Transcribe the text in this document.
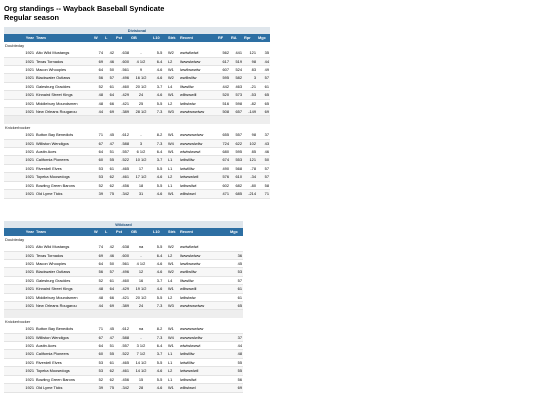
Org standings -- Wayback Baseball Syndicate
Regular season
Divisional												
Year	Team	W	L	Pct	GB	L10	Strk	Recent	RF	RA	Rpr	Mgc
Doubleday												
1921	Alto Wild Mustangs	74	42	.638	-	5-5	W2	wwlwllwlwl	562	441	121	35
1921	Texas Tornados	69	46	.600	4 1/2	6-4	L2	llwwwlwlww	617	519	98	44
1921	Macon Whoopies	64	50	.561	9	4-6	W1	lwwllwwwlw	607	524	83	49
1921	Blackwater Outlaws	56	57	.496	16 1/2	4-6	W2	wwlllwlllw	595	582	3	57
1921	Galesburg Grackles	52	61	.460	20 1/2	3-7	L4	lllwwlllw	442	463	-21	61
1921	Kinnaird Street Kings	48	64	.429	24	4-6	W1	wlllwwwlll	520	573	-53	65
1921	Middlebury Moundsmen	48	66	.421	25	5-5	L2	lwllwlwlw	516	598	-82	65
1921	New Orleans Rougarou	44	69	.389	28 1/2	7-3	W3	wwwlwwwlww	508	657	-149	69

Knickerbocker												
1921	Button Bay Benedicts	71	45	.612	-	8-2	W1	wwwwwwlww	655	557	98	37
1921	Williston Wendigos	67	47	.588	3	7-3	W4	wwwwwlwllw	724	622	102	43
1921	Austin Aces	64	51	.557	6 1/2	6-4	W1	wlwlwlwwwl	680	595	85	46
1921	California Pioneers	60	55	.522	10 1/2	3-7	L1	lwllwllllw	674	553	121	50
1921	Riverdell Elves	53	61	.465	17	5-5	L1	lwlwlllllw	490	568	-78	57
1921	Topeka Moosedogs	53	62	.461	17 1/2	4-6	L2	lwlwwwlwll	576	610	-34	57
1921	Bowling Green Barons	52	62	.456	18	5-5	L1	lwllwwllwl	602	682	-80	58
1921	Old Lyme Ticks	39	75	.342	31	4-6	W1	wlllwlwwl	471	685	-214	71
Wildcard									
Year	Team	W	L	Pct	GB	L10	Strk	Recent	Mgc
Doubleday									
1921	Alto Wild Mustangs	74	42	.638	na	5-5	W2	wwlwllwlwl	
1921	Texas Tornados	69	46	.600	-	6-4	L2	llwwwlwlww	36
1921	Macon Whoopies	64	50	.561	4 1/2	4-6	W1	lwwllwwwlw	45
1921	Blackwater Outlaws	56	57	.496	12	4-6	W2	wwlllwlllw	53
1921	Galesburg Grackles	52	61	.460	16	3-7	L4	lllwwlllw	57
1921	Kinnaird Street Kings	48	64	.429	19 1/2	4-6	W1	wlllwwwlll	61
1921	Middlebury Moundsmen	48	66	.421	20 1/2	5-5	L2	lwllwlwlw	61
1921	New Orleans Rougarou	44	69	.389	24	7-3	W3	wwwlwwwlww	65

Knickerbocker									
1921	Button Bay Benedicts	71	45	.612	na	8-2	W1	wwwwwwlww	
1921	Williston Wendigos	67	47	.588	-	7-3	W4	wwwwwlwllw	37
1921	Austin Aces	64	51	.557	3 1/2	6-4	W1	wlwlwlwwwl	44
1921	California Pioneers	60	55	.522	7 1/2	3-7	L1	lwllwllllw	48
1921	Riverdell Elves	53	61	.465	14 1/2	5-5	L1	lwlwlllllw	55
1921	Topeka Moosedogs	53	62	.461	14 1/2	4-6	L2	lwlwwwlwll	55
1921	Bowling Green Barons	52	62	.456	15	5-5	L1	lwllwwllwl	56
1921	Old Lyme Ticks	39	75	.342	28	4-6	W1	wlllwlwwl	69
